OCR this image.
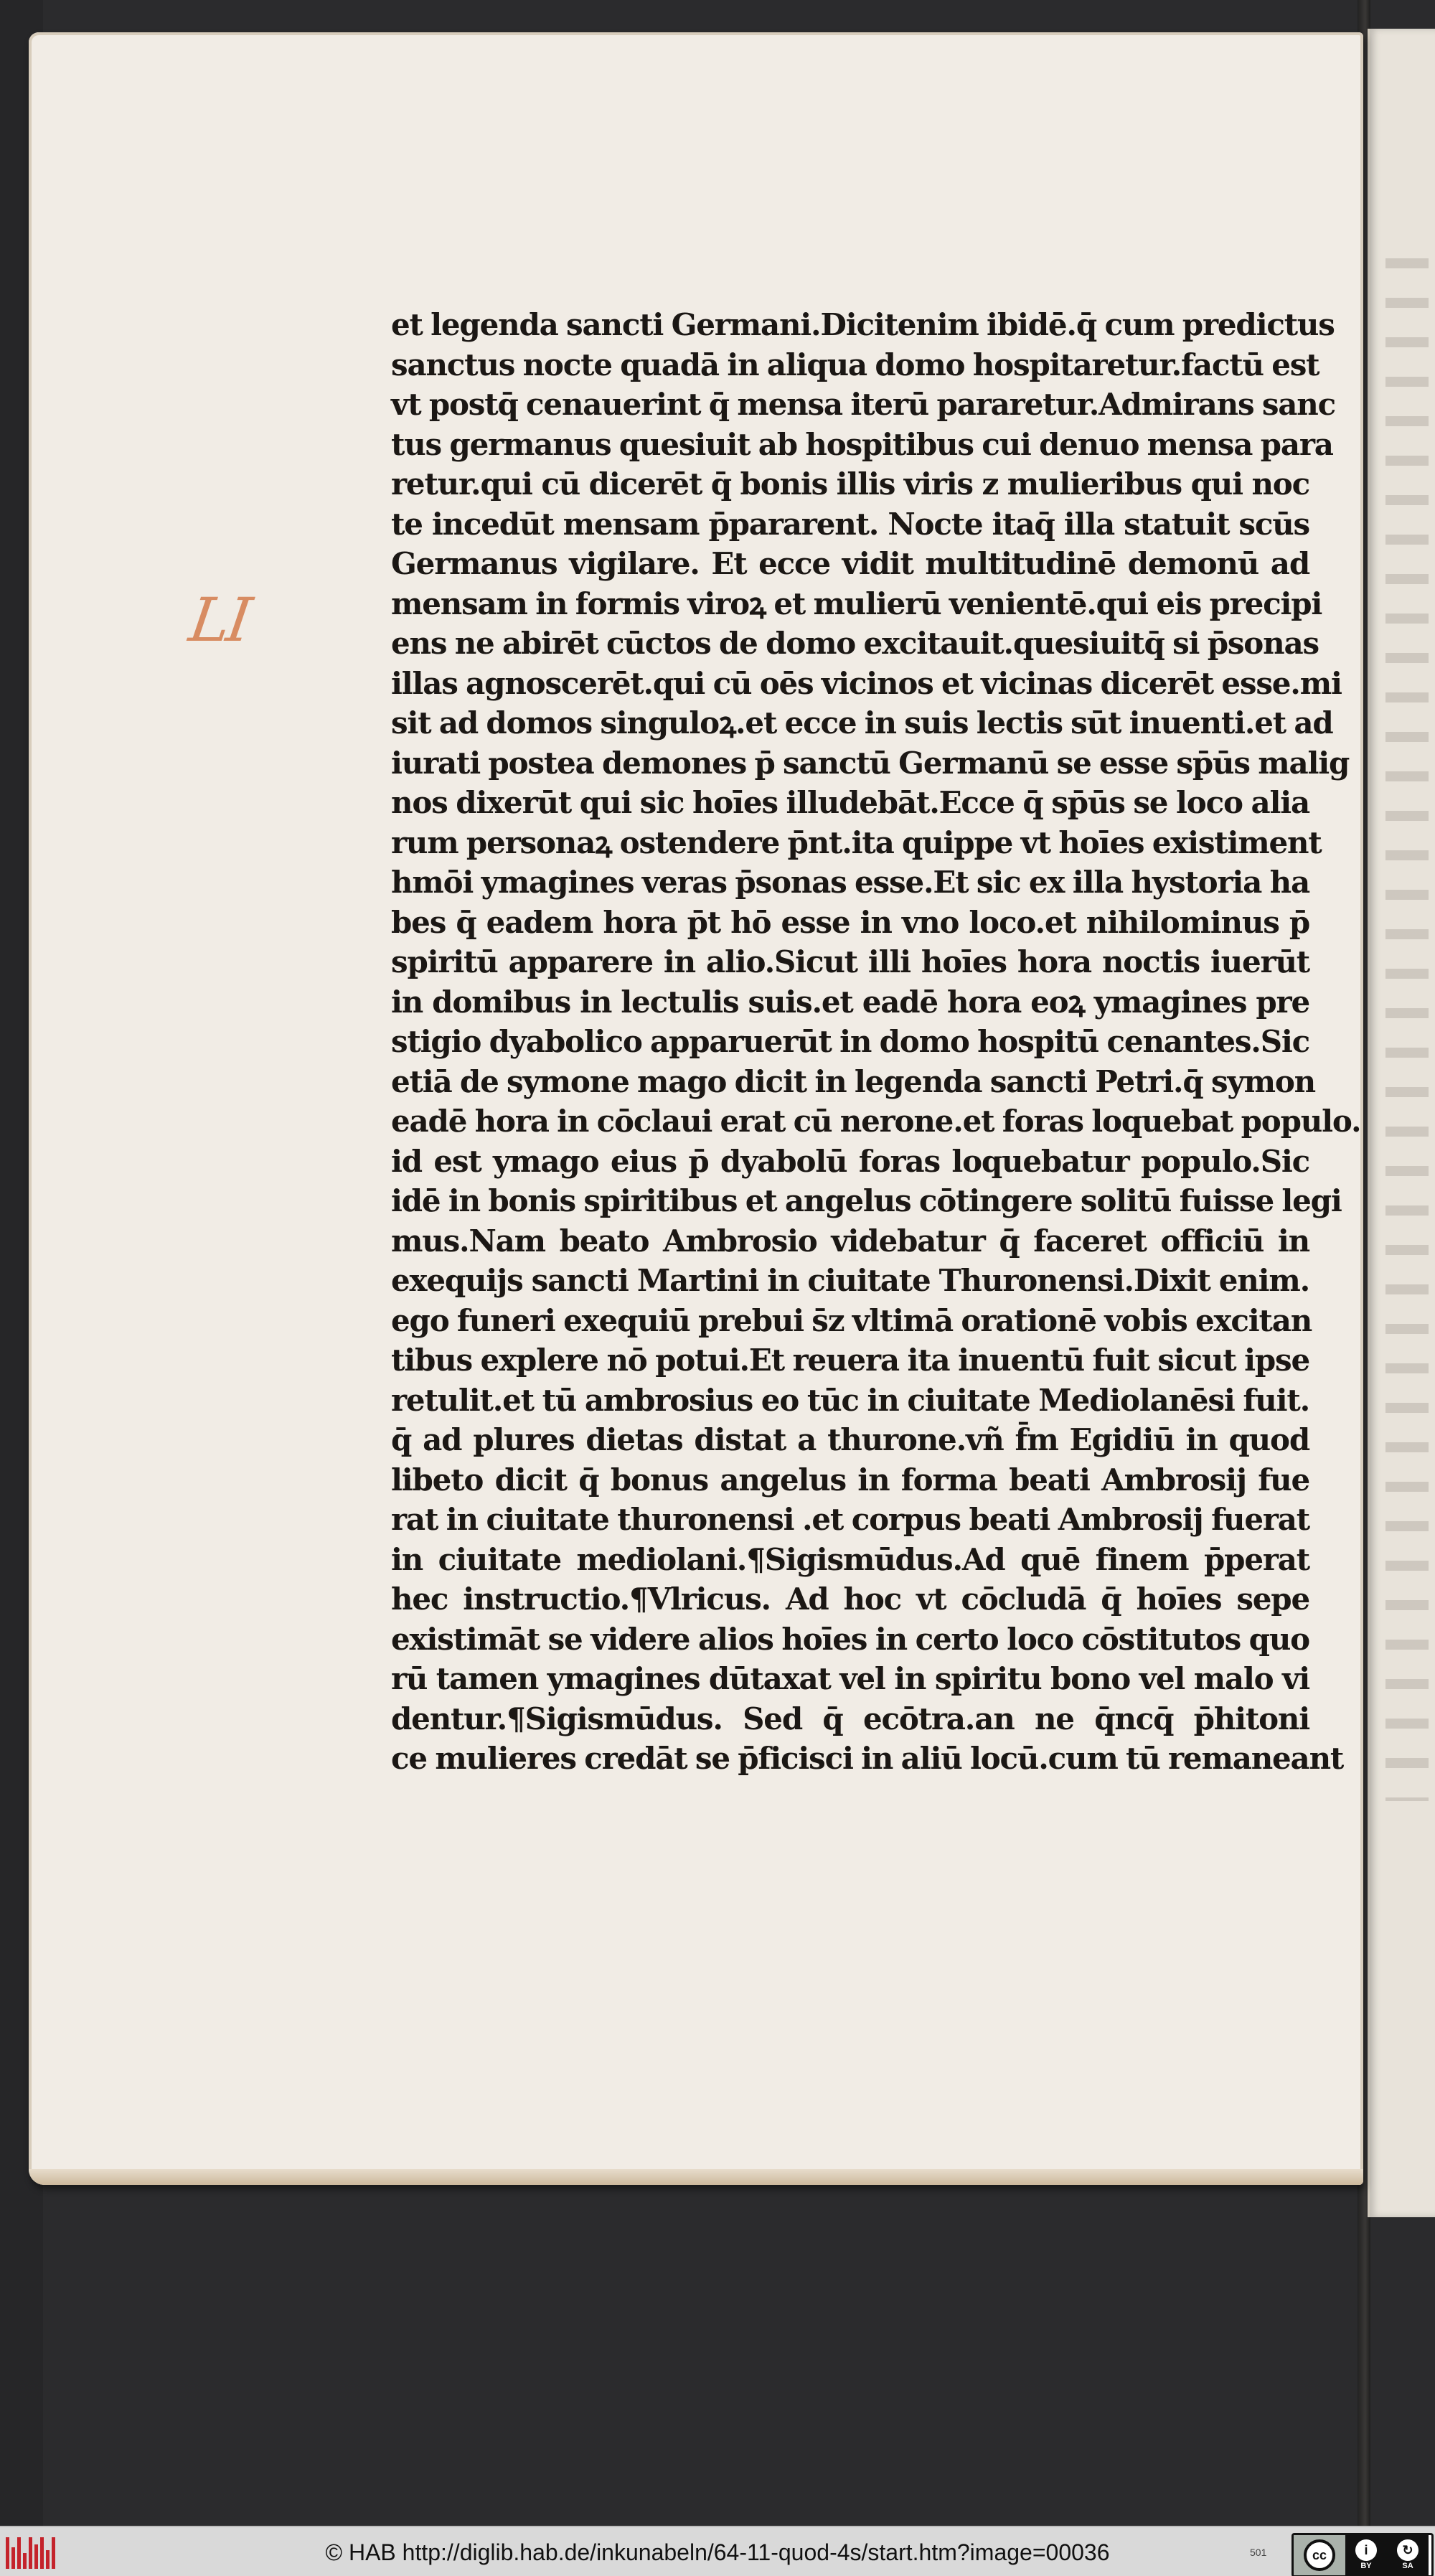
LI
et legenda sancti Germani.Dicitenim ibidē.q̄ cum predictus
sanctus nocte quadā in aliqua domo hospitaretur.factū est
vt postq̄ cenauerint q̄ mensa iterū pararetur.Admirans sanc
tus germanus quesiuit ab hospitibus cui denuo mensa para
retur.qui cū dicerēt q̄ bonis illis viris z mulieribus qui noc
te incedūt mensam p̄pararent. Nocte itaq̄ illa statuit scūs
Germanus vigilare. Et ecce vidit multitudinē demonū ad
mensam in formis viroꝝ et mulierū venientē.qui eis precipi
ens ne abirēt cūctos de domo excitauit.quesiuitq̄ si p̄sonas
illas agnoscerēt.qui cū oēs vicinos et vicinas dicerēt esse.mi
sit ad domos singuloꝝ.et ecce in suis lectis sūt inuenti.et ad
iurati postea demones p̄ sanctū Germanū se esse sp̄ūs malig
nos dixerūt qui sic hoīes illudebāt.Ecce q̄ sp̄ūs se loco alia
rum personaꝝ ostendere p̄nt.ita quippe vt hoīes existiment
hmōi ymagines veras p̄sonas esse.Et sic ex illa hystoria ha
bes q̄ eadem hora p̄t hō esse in vno loco.et nihilominus p̄
spiritū apparere in alio.Sicut illi hoīes hora noctis iuerūt
in domibus in lectulis suis.et eadē hora eoꝝ ymagines pre
stigio dyabolico apparuerūt in domo hospitū cenantes.Sic
etiā de symone mago dicit in legenda sancti Petri.q̄ symon
eadē hora in cōclaui erat cū nerone.et foras loquebat populo.
id est ymago eius p̄ dyabolū foras loquebatur populo.Sic
idē in bonis spiritibus et angelus cōtingere solitū fuisse legi
mus.Nam beato Ambrosio videbatur q̄ faceret officiū in
exequijs sancti Martini in ciuitate Thuronensi.Dixit enim.
ego funeri exequiū prebui s̄z vltimā orationē vobis excitan
tibus explere nō potui.Et reuera ita inuentū fuit sicut ipse
retulit.et tū ambrosius eo tūc in ciuitate Mediolanēsi fuit.
q̄ ad plures dietas distat a thurone.vñ f̄m Egidiū in quod
libeto dicit q̄ bonus angelus in forma beati Ambrosij fue
rat in ciuitate thuronensi .et corpus beati Ambrosij fuerat
in ciuitate mediolani.¶Sigismūdus.Ad quē finem p̄perat
hec instructio.¶Vlricus. Ad hoc vt cōcludā q̄ hoīes sepe
existimāt se videre alios hoīes in certo loco cōstitutos quo
rū tamen ymagines dūtaxat vel in spiritu bono vel malo vi
dentur.¶Sigismūdus. Sed q̄ ecōtra.an ne q̄ncq̄ p̄hitoni
ce mulieres credāt se p̄ficisci in aliū locū.cum tū remaneant
© HAB http://diglib.hab.de/inkunabeln/64-11-quod-4s/start.htm?image=00036	501	cc	i
BY
↻
SA
